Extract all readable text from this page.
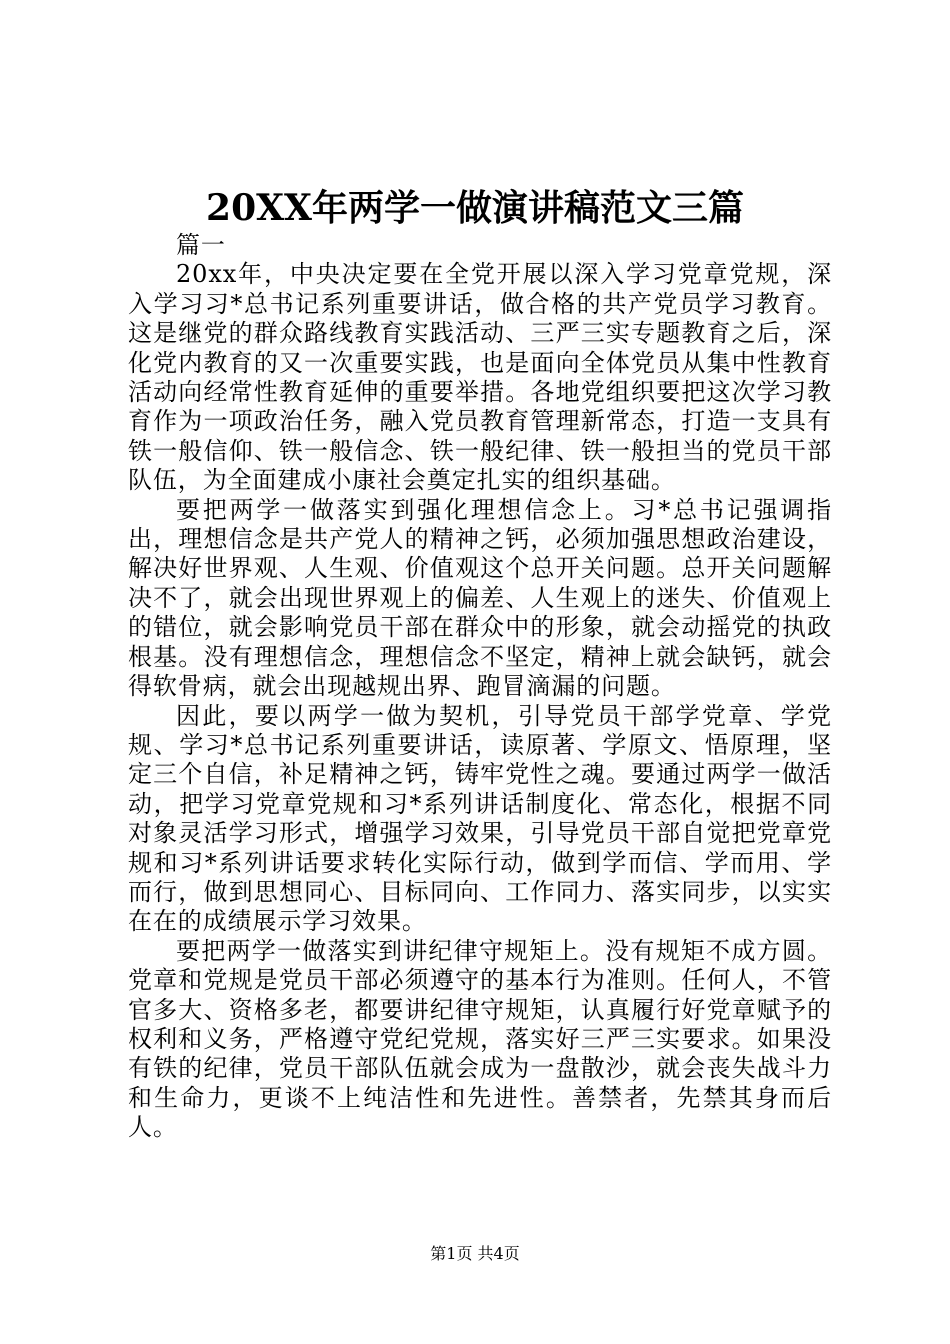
20XX年两学一做演讲稿范文三篇
篇一

20xx年，中央决定要在全党开展以深入学习党章党规，深入学习习*总书记系列重要讲话，做合格的共产党员学习教育。这是继党的群众路线教育实践活动、三严三实专题教育之后，深化党内教育的又一次重要实践，也是面向全体党员从集中性教育活动向经常性教育延伸的重要举措。各地党组织要把这次学习教育作为一项政治任务，融入党员教育管理新常态，打造一支具有铁一般信仰、铁一般信念、铁一般纪律、铁一般担当的党员干部队伍，为全面建成小康社会奠定扎实的组织基础。

要把两学一做落实到强化理想信念上。习*总书记强调指出，理想信念是共产党人的精神之钙，必须加强思想政治建设，解决好世界观、人生观、价值观这个总开关问题。总开关问题解决不了，就会出现世界观上的偏差、人生观上的迷失、价值观上的错位，就会影响党员干部在群众中的形象，就会动摇党的执政根基。没有理想信念，理想信念不坚定，精神上就会缺钙，就会得软骨病，就会出现越规出界、跑冒滴漏的问题。

因此，要以两学一做为契机，引导党员干部学党章、学党规、学习*总书记系列重要讲话，读原著、学原文、悟原理，坚定三个自信，补足精神之钙，铸牢党性之魂。要通过两学一做活动，把学习党章党规和习*系列讲话制度化、常态化，根据不同对象灵活学习形式，增强学习效果，引导党员干部自觉把党章党规和习*系列讲话要求转化实际行动，做到学而信、学而用、学而行，做到思想同心、目标同向、工作同力、落实同步，以实实在在的成绩展示学习效果。

要把两学一做落实到讲纪律守规矩上。没有规矩不成方圆。党章和党规是党员干部必须遵守的基本行为准则。任何人，不管官多大、资格多老，都要讲纪律守规矩，认真履行好党章赋予的权利和义务，严格遵守党纪党规，落实好三严三实要求。如果没有铁的纪律，党员干部队伍就会成为一盘散沙，就会丧失战斗力和生命力，更谈不上纯洁性和先进性。善禁者，先禁其身而后人。

第1页 共4页
